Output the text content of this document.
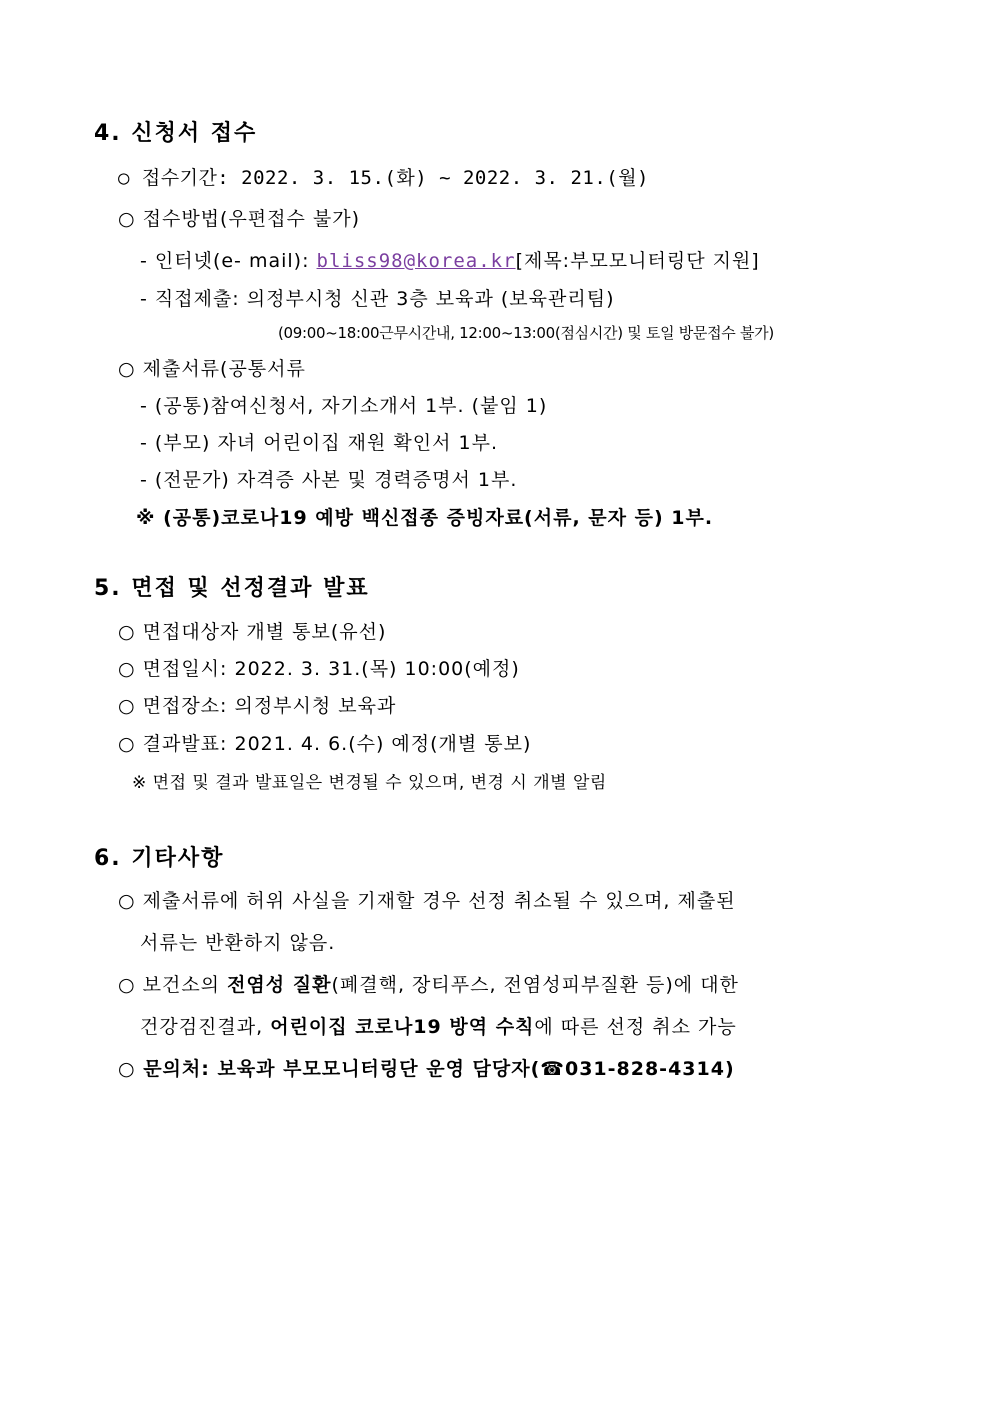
4. 신청서 접수
○ 접수기간: 2022. 3. 15.(화) ~ 2022. 3. 21.(월)
○ 접수방법(우편접수 불가)
- 인터넷(e- mail): bliss98@korea.kr[제목:부모모니터링단 지원]
- 직접제출: 의정부시청 신관 3층 보육과 (보육관리팀)
(09:00~18:00근무시간내, 12:00~13:00(점심시간) 및 토일 방문접수 불가)
○ 제출서류(공통서류
- (공통)참여신청서, 자기소개서 1부. (붙임 1)
- (부모) 자녀 어린이집 재원 확인서 1부.
- (전문가) 자격증 사본 및 경력증명서 1부.
※ (공통)코로나19 예방 백신접종 증빙자료(서류, 문자 등) 1부.
5. 면접 및 선정결과 발표
○ 면접대상자 개별 통보(유선)
○ 면접일시: 2022. 3. 31.(목) 10:00(예정)
○ 면접장소: 의정부시청 보육과
○ 결과발표: 2021. 4. 6.(수) 예정(개별 통보)
※ 면접 및 결과 발표일은 변경될 수 있으며, 변경 시 개별 알림
6. 기타사항
○ 제출서류에 허위 사실을 기재할 경우 선정 취소될 수 있으며, 제출된
서류는 반환하지 않음.
○ 보건소의 전염성 질환(폐결핵, 장티푸스, 전염성피부질환 등)에 대한
건강검진결과, 어린이집 코로나19 방역 수칙에 따른 선정 취소 가능
○ 문의처: 보육과 부모모니터링단 운영 담당자(☎031-828-4314)
